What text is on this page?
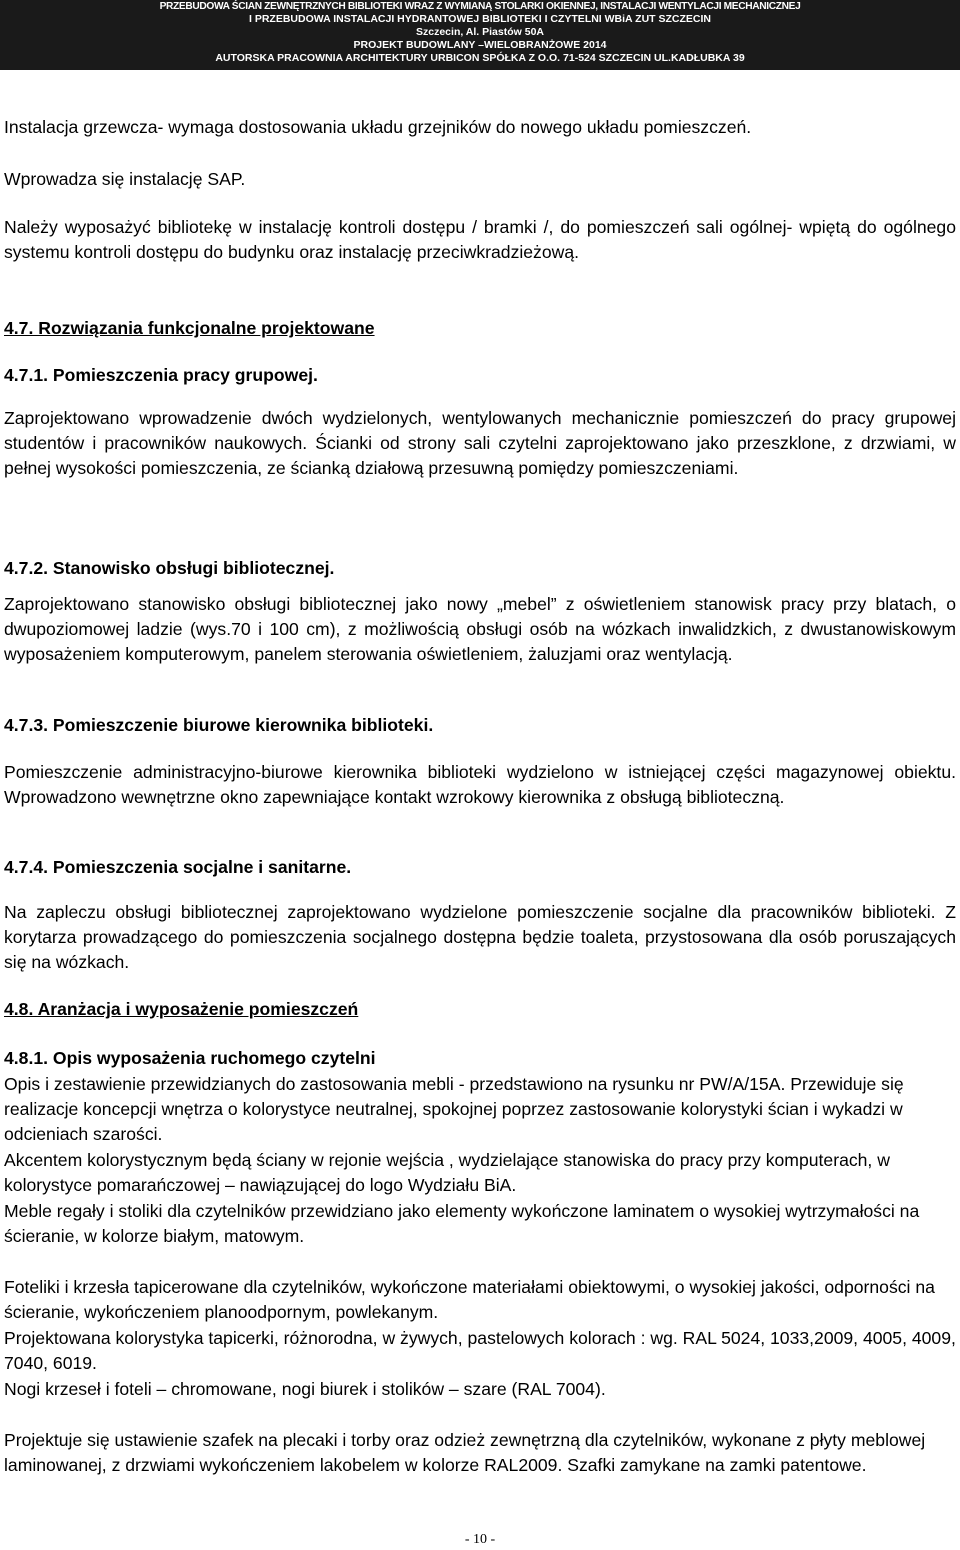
PRZEBUDOWA ŚCIAN ZEWNĘTRZNYCH BIBLIOTEKI WRAZ Z WYMIANĄ STOLARKI OKIENNEJ, INSTALACJI WENTYLACJI MECHANICZNEJ
I PRZEBUDOWA INSTALACJI HYDRANTOWEJ BIBLIOTEKI I CZYTELNI WBiA ZUT SZCZECIN
Szczecin, Al. Piastów 50A
PROJEKT BUDOWLANY –WIELOBRANŻOWE 2014
AUTORSKA PRACOWNIA ARCHITEKTURY URBICON SPÓŁKA Z O.O. 71-524 SZCZECIN UL.KADŁUBKA 39

Instalacja grzewcza- wymaga dostosowania układu grzejników do nowego układu pomieszczeń.

Wprowadza się instalację SAP.

Należy wyposażyć bibliotekę w instalację kontroli dostępu / bramki /, do pomieszczeń sali ogólnej- wpiętą do ogólnego systemu kontroli dostępu do budynku oraz instalację przeciwkradzieżową.

4.7. Rozwiązania funkcjonalne projektowane
4.7.1. Pomieszczenia pracy grupowej.

Zaprojektowano wprowadzenie dwóch wydzielonych, wentylowanych mechanicznie pomieszczeń do pracy grupowej studentów i pracowników naukowych. Ścianki od strony sali czytelni zaprojektowano jako przeszklone, z drzwiami, w pełnej wysokości pomieszczenia, ze ścianką działową przesuwną pomiędzy pomieszczeniami.

4.7.2. Stanowisko obsługi bibliotecznej.

Zaprojektowano stanowisko obsługi bibliotecznej jako nowy „mebel” z oświetleniem stanowisk pracy przy blatach, o dwupoziomowej ladzie (wys.70 i 100 cm), z możliwością obsługi osób na wózkach inwalidzkich, z dwustanowiskowym wyposażeniem komputerowym, panelem sterowania oświetleniem, żaluzjami oraz wentylacją.

4.7.3. Pomieszczenie biurowe kierownika biblioteki.

Pomieszczenie administracyjno-biurowe kierownika biblioteki wydzielono w istniejącej części magazynowej obiektu. Wprowadzono wewnętrzne okno zapewniające kontakt wzrokowy kierownika z obsługą biblioteczną.

4.7.4. Pomieszczenia socjalne i sanitarne.

Na zapleczu obsługi bibliotecznej zaprojektowano wydzielone pomieszczenie socjalne dla pracowników biblioteki. Z korytarza prowadzącego do pomieszczenia socjalnego dostępna będzie toaleta, przystosowana dla osób poruszających się na wózkach.

4.8. Aranżacja i wyposażenie pomieszczeń
4.8.1. Opis wyposażenia ruchomego czytelni

Opis i zestawienie przewidzianych do zastosowania mebli - przedstawiono na rysunku nr PW/A/15A. Przewiduje się realizacje koncepcji wnętrza o kolorystyce neutralnej, spokojnej poprzez zastosowanie kolorystyki ścian i wykadzi w odcieniach szarości.

Akcentem kolorystycznym będą ściany w rejonie wejścia , wydzielające stanowiska do pracy przy komputerach, w kolorystyce pomarańczowej – nawiązującej do logo Wydziału BiA.

Meble regały i stoliki dla czytelników przewidziano jako elementy wykończone laminatem o wysokiej wytrzymałości na ścieranie, w kolorze białym, matowym.

Foteliki i krzesła tapicerowane dla czytelników, wykończone materiałami obiektowymi, o wysokiej jakości, odporności na ścieranie, wykończeniem planoodpornym, powlekanym.

Projektowana kolorystyka tapicerki, różnorodna, w żywych, pastelowych kolorach : wg. RAL 5024, 1033,2009, 4005, 4009, 7040, 6019.

Nogi krzeseł i foteli – chromowane, nogi biurek i stolików – szare (RAL 7004).

Projektuje się ustawienie szafek na plecaki i torby oraz odzież zewnętrzną dla czytelników, wykonane z płyty meblowej laminowanej, z drzwiami wykończeniem lakobelem w kolorze RAL2009. Szafki zamykane na zamki patentowe.

- 10 -
